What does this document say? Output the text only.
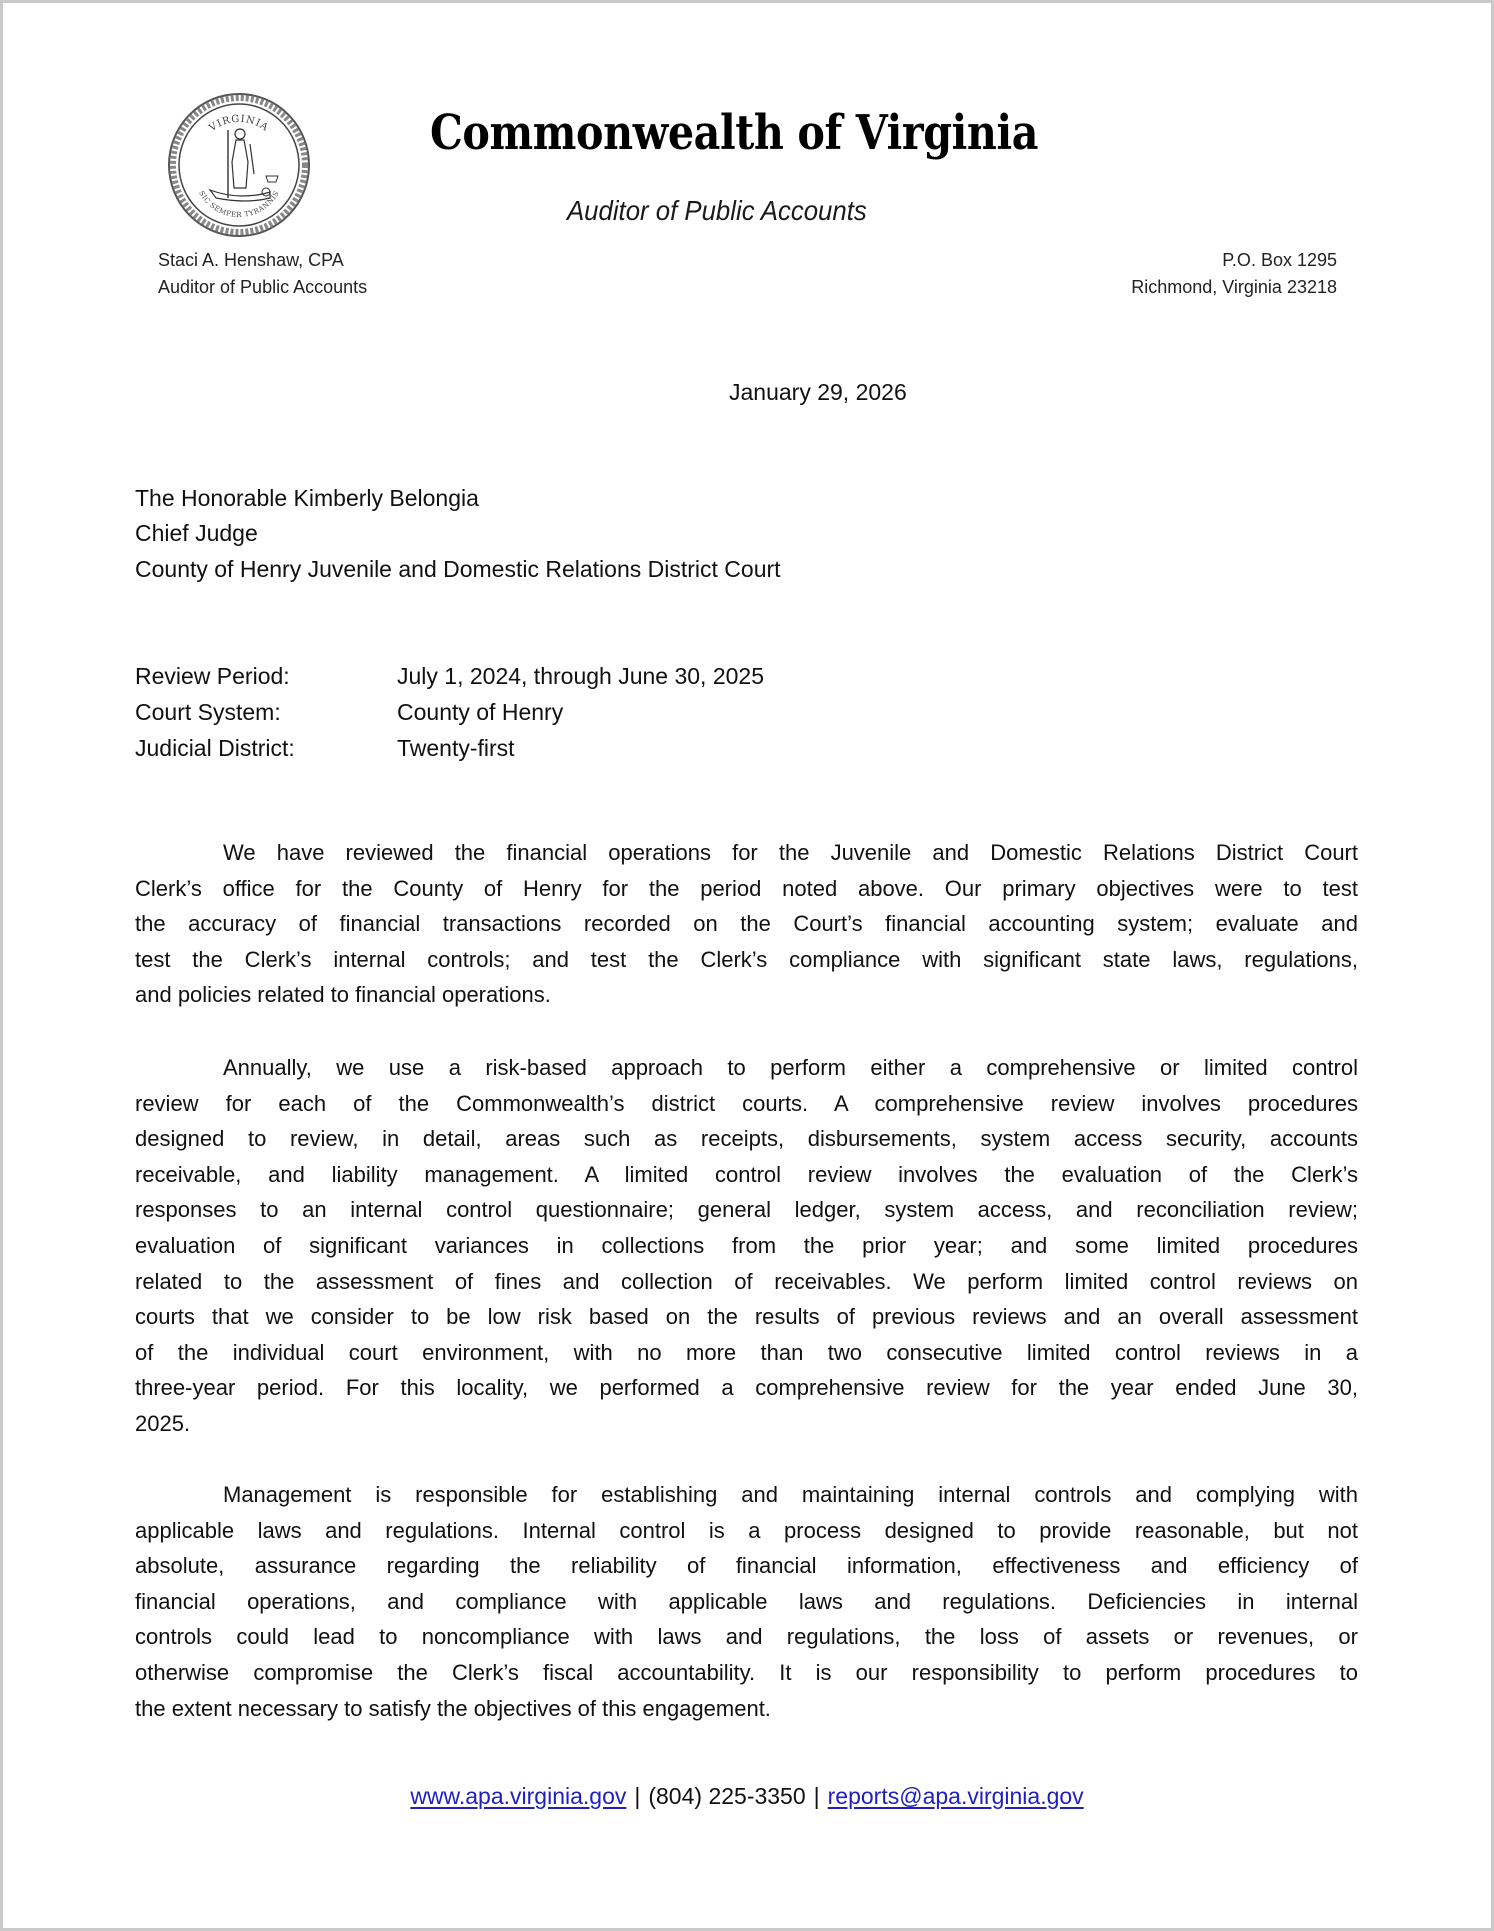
VIRGINIA
SIC SEMPER TYRANNIS
Commonwealth of Virginia
Auditor of Public Accounts
Staci A. Henshaw, CPA
Auditor of Public Accounts
P.O. Box 1295
Richmond, Virginia 23218
January 29, 2026
The Honorable Kimberly Belongia
Chief Judge
County of Henry Juvenile and Domestic Relations District Court
Review Period:	July 1, 2024, through June 30, 2025
Court System:	County of Henry
Judicial District:	Twenty-first
We have reviewed the financial operations for the Juvenile and Domestic Relations District Court
Clerk’s office for the County of Henry for the period noted above. Our primary objectives were to test
the accuracy of financial transactions recorded on the Court’s financial accounting system; evaluate and
test the Clerk’s internal controls; and test the Clerk’s compliance with significant state laws, regulations,
and policies related to financial operations.
Annually, we use a risk-based approach to perform either a comprehensive or limited control
review for each of the Commonwealth’s district courts. A comprehensive review involves procedures
designed to review, in detail, areas such as receipts, disbursements, system access security, accounts
receivable, and liability management. A limited control review involves the evaluation of the Clerk’s
responses to an internal control questionnaire; general ledger, system access, and reconciliation review;
evaluation of significant variances in collections from the prior year; and some limited procedures
related to the assessment of fines and collection of receivables. We perform limited control reviews on
courts that we consider to be low risk based on the results of previous reviews and an overall assessment
of the individual court environment, with no more than two consecutive limited control reviews in a
three-year period. For this locality, we performed a comprehensive review for the year ended June 30,
2025.
Management is responsible for establishing and maintaining internal controls and complying with
applicable laws and regulations. Internal control is a process designed to provide reasonable, but not
absolute, assurance regarding the reliability of financial information, effectiveness and efficiency of
financial operations, and compliance with applicable laws and regulations. Deficiencies in internal
controls could lead to noncompliance with laws and regulations, the loss of assets or revenues, or
otherwise compromise the Clerk’s fiscal accountability. It is our responsibility to perform procedures to
the extent necessary to satisfy the objectives of this engagement.
www.apa.virginia.gov | (804) 225-3350 | reports@apa.virginia.gov
